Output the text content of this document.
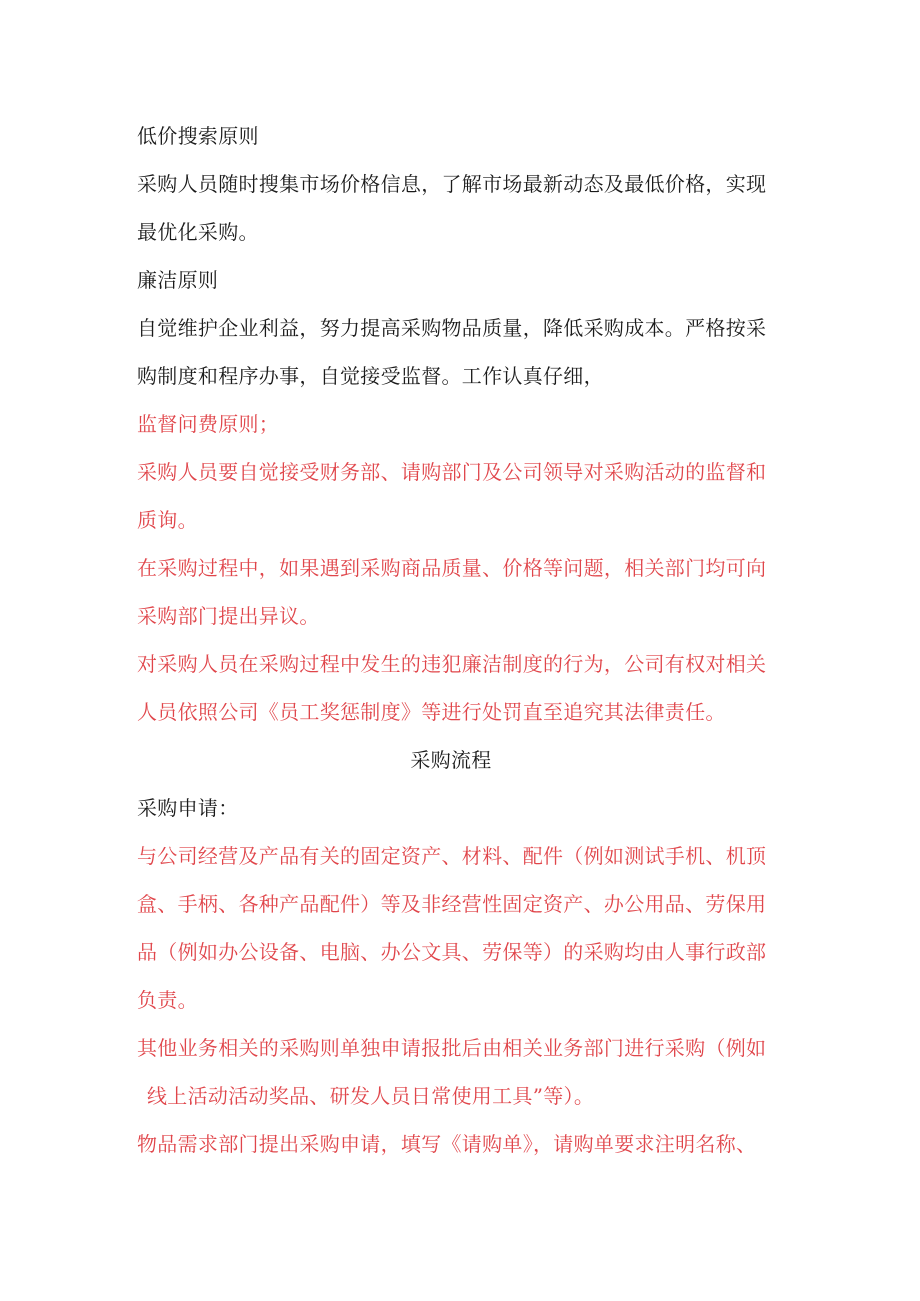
低价搜索原则
采购人员随时搜集市场价格信息，了解市场最新动态及最低价格，实现
最优化采购。
廉洁原则
自觉维护企业利益，努力提高采购物品质量，降低采购成本。严格按采
购制度和程序办事，自觉接受监督。工作认真仔细，
监督问费原则；
采购人员要自觉接受财务部、请购部门及公司领导对采购活动的监督和
质询。
在采购过程中，如果遇到采购商品质量、价格等问题，相关部门均可向
采购部门提出异议。
对采购人员在采购过程中发生的违犯廉洁制度的行为，公司有权对相关
人员依照公司《员工奖惩制度》等进行处罚直至追究其法律责任。
采购流程
采购申请：
与公司经营及产品有关的固定资产、材料、配件（例如测试手机、机顶
盒、手柄、各种产品配件）等及非经营性固定资产、办公用品、劳保用
品（例如办公设备、电脑、办公文具、劳保等）的采购均由人事行政部
负责。
其他业务相关的采购则单独申请报批后由相关业务部门进行采购（例如
线上活动活动奖品、研发人员日常使用工具”等）。
物品需求部门提出采购申请，填写《请购单》，请购单要求注明名称、
